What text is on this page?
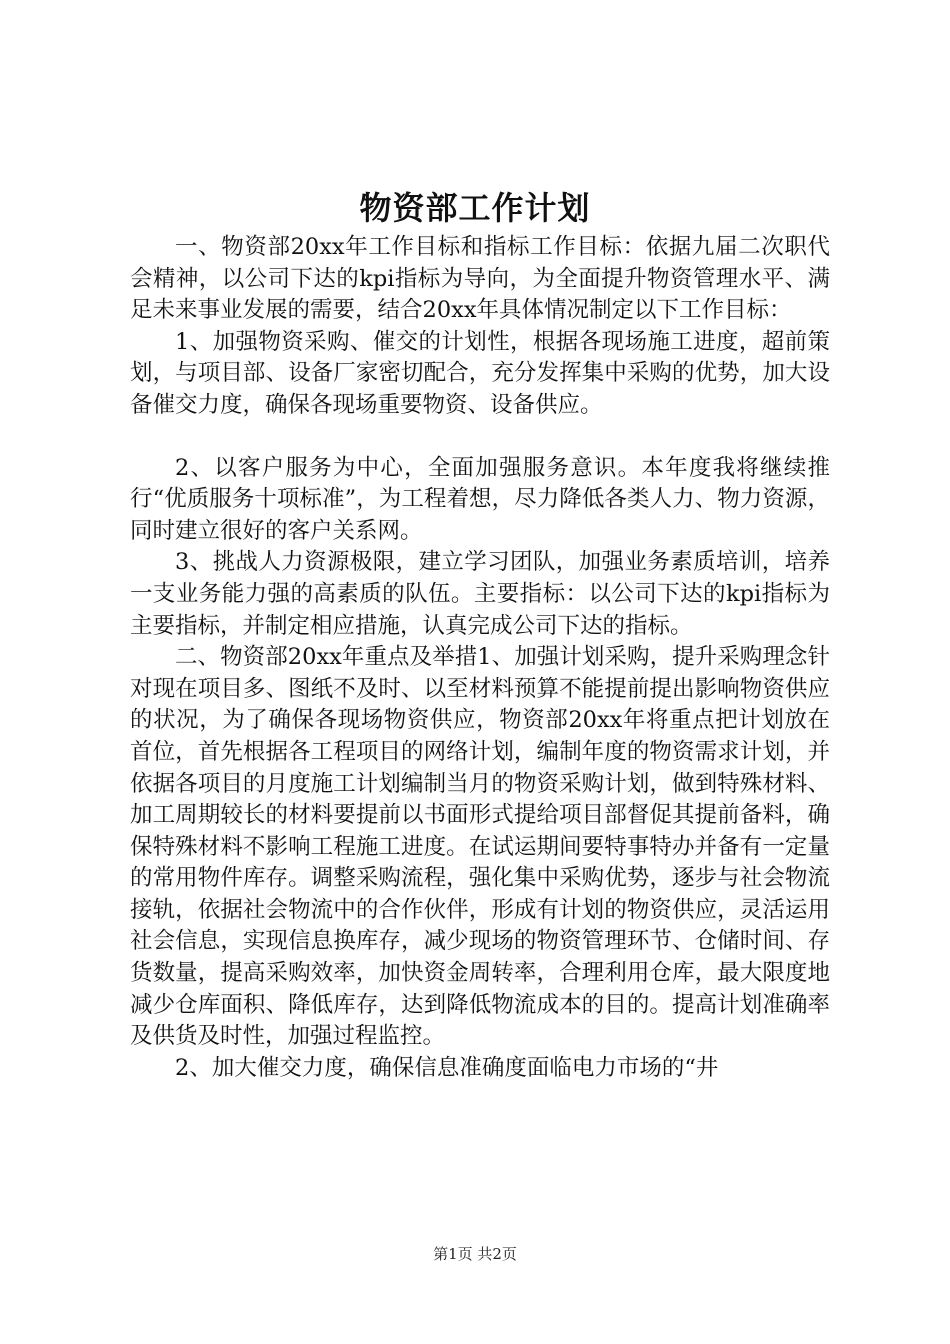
物资部工作计划

一、物资部20xx年工作目标和指标工作目标：依据九届二次职代会精神，以公司下达的kpi指标为导向，为全面提升物资管理水平、满足未来事业发展的需要，结合20xx年具体情况制定以下工作目标：

1、加强物资采购、催交的计划性，根据各现场施工进度，超前策划，与项目部、设备厂家密切配合，充分发挥集中采购的优势，加大设备催交力度，确保各现场重要物资、设备供应。

2、以客户服务为中心，全面加强服务意识。本年度我将继续推行“优质服务十项标准”，为工程着想，尽力降低各类人力、物力资源，同时建立很好的客户关系网。

3、挑战人力资源极限，建立学习团队，加强业务素质培训，培养一支业务能力强的高素质的队伍。主要指标：以公司下达的kpi指标为主要指标，并制定相应措施，认真完成公司下达的指标。

二、物资部20xx年重点及举措1、加强计划采购，提升采购理念针对现在项目多、图纸不及时、以至材料预算不能提前提出影响物资供应的状况，为了确保各现场物资供应，物资部20xx年将重点把计划放在首位，首先根据各工程项目的网络计划，编制年度的物资需求计划，并依据各项目的月度施工计划编制当月的物资采购计划，做到特殊材料、加工周期较长的材料要提前以书面形式提给项目部督促其提前备料，确保特殊材料不影响工程施工进度。在试运期间要特事特办并备有一定量的常用物件库存。调整采购流程，强化集中采购优势，逐步与社会物流接轨，依据社会物流中的合作伙伴，形成有计划的物资供应，灵活运用社会信息，实现信息换库存，减少现场的物资管理环节、仓储时间、存货数量，提高采购效率，加快资金周转率，合理利用仓库，最大限度地减少仓库面积、降低库存，达到降低物流成本的目的。提高计划准确率及供货及时性，加强过程监控。

2、加大催交力度，确保信息准确度面临电力市场的“井

第1页 共2页
